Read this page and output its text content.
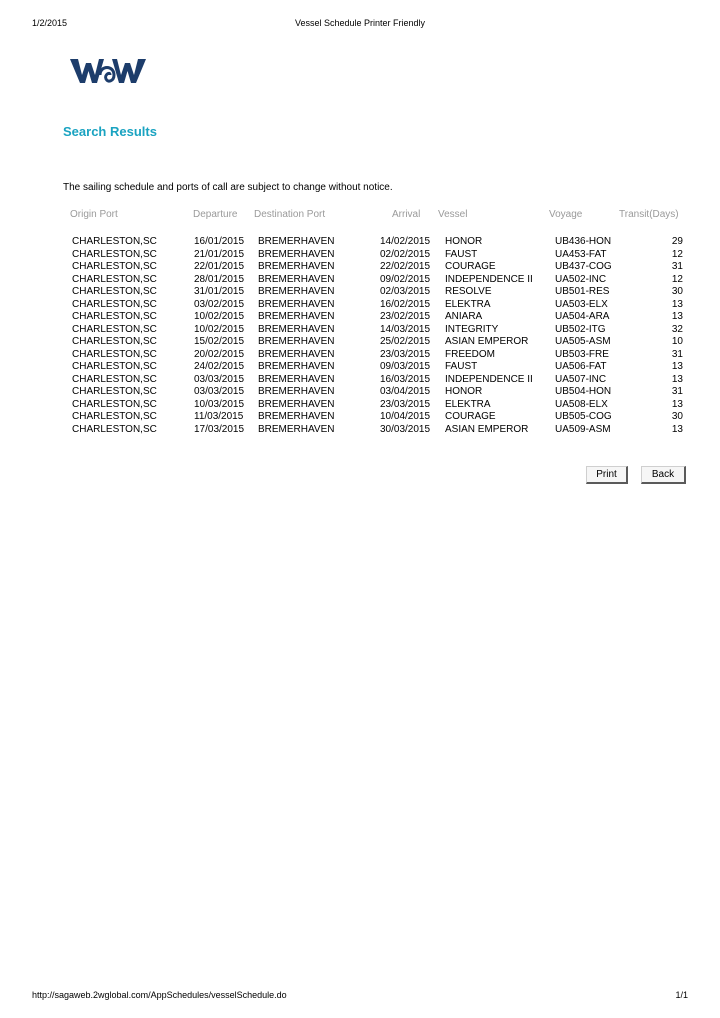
1/2/2015	Vessel Schedule Printer Friendly
Search Results
The sailing schedule and ports of call are subject to change without notice.
Origin Port	Departure Destination Port	Arrival Vessel	Voyage	Transit(Days)
CHARLESTON,SC	16/01/2015 BREMERHAVEN	14/02/2015 HONOR	UB436-HON	29
CHARLESTON,SC	21/01/2015 BREMERHAVEN	02/02/2015 FAUST	UA453-FAT	12
CHARLESTON,SC	22/01/2015 BREMERHAVEN	22/02/2015 COURAGE	UB437-COG	31
CHARLESTON,SC	28/01/2015 BREMERHAVEN	09/02/2015 INDEPENDENCE II UA502-INC	12
CHARLESTON,SC	31/01/2015 BREMERHAVEN	02/03/2015 RESOLVE	UB501-RES	30
CHARLESTON,SC	03/02/2015 BREMERHAVEN	16/02/2015 ELEKTRA	UA503-ELX	13
CHARLESTON,SC	10/02/2015 BREMERHAVEN	23/02/2015 ANIARA	UA504-ARA	13
CHARLESTON,SC	10/02/2015 BREMERHAVEN	14/03/2015 INTEGRITY	UB502-ITG	32
CHARLESTON,SC	15/02/2015 BREMERHAVEN	25/02/2015 ASIAN EMPEROR	UA505-ASM	10
CHARLESTON,SC	20/02/2015 BREMERHAVEN	23/03/2015 FREEDOM	UB503-FRE	31
CHARLESTON,SC	24/02/2015 BREMERHAVEN	09/03/2015 FAUST	UA506-FAT	13
CHARLESTON,SC	03/03/2015 BREMERHAVEN	16/03/2015 INDEPENDENCE II UA507-INC	13
CHARLESTON,SC	03/03/2015 BREMERHAVEN	03/04/2015 HONOR	UB504-HON	31
CHARLESTON,SC	10/03/2015 BREMERHAVEN	23/03/2015 ELEKTRA	UA508-ELX	13
CHARLESTON,SC	11/03/2015 BREMERHAVEN	10/04/2015 COURAGE	UB505-COG	30
CHARLESTON,SC	17/03/2015 BREMERHAVEN	30/03/2015 ASIAN EMPEROR	UA509-ASM	13
Print	Back
http://sagaweb.2wglobal.com/AppSchedules/vesselSchedule.do	1/1
